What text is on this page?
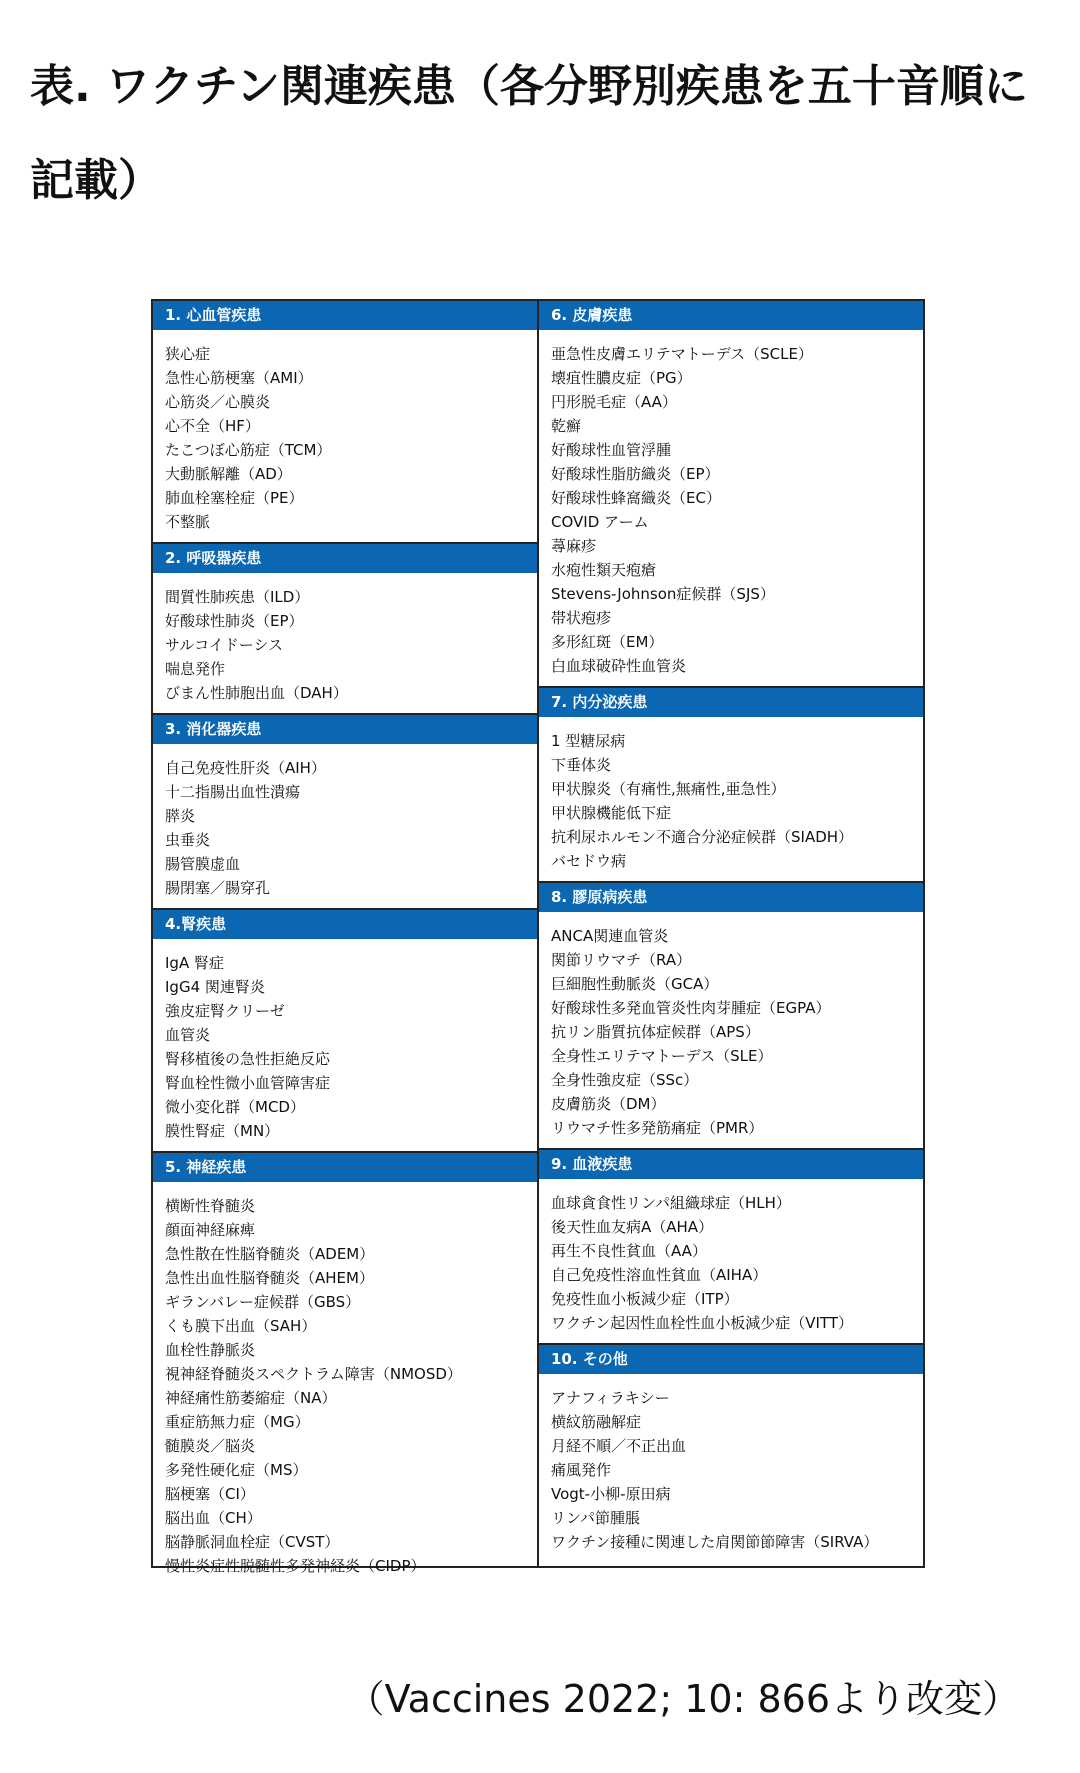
表. ワクチン関連疾患（各分野別疾患を五十音順に記載）
1. 心血管疾患
狭心症
急性心筋梗塞（AMI）
心筋炎／心膜炎
心不全（HF）
たこつぼ心筋症（TCM）
大動脈解離（AD）
肺血栓塞栓症（PE）
不整脈
2. 呼吸器疾患
間質性肺疾患（ILD）
好酸球性肺炎（EP）
サルコイドーシス
喘息発作
びまん性肺胞出血（DAH）
3. 消化器疾患
自己免疫性肝炎（AIH）
十二指腸出血性潰瘍
膵炎
虫垂炎
腸管膜虚血
腸閉塞／腸穿孔
4.腎疾患
IgA 腎症
IgG4 関連腎炎
強皮症腎クリーゼ
血管炎
腎移植後の急性拒絶反応
腎血栓性微小血管障害症
微小変化群（MCD）
膜性腎症（MN）
5. 神経疾患
横断性脊髄炎
顔面神経麻痺
急性散在性脳脊髄炎（ADEM）
急性出血性脳脊髄炎（AHEM）
ギランバレー症候群（GBS）
くも膜下出血（SAH）
血栓性静脈炎
視神経脊髄炎スペクトラム障害（NMOSD）
神経痛性筋萎縮症（NA）
重症筋無力症（MG）
髄膜炎／脳炎
多発性硬化症（MS）
脳梗塞（CI）
脳出血（CH）
脳静脈洞血栓症（CVST）
慢性炎症性脱髄性多発神経炎（CIDP）
6. 皮膚疾患
亜急性皮膚エリテマトーデス（SCLE）
壊疽性膿皮症（PG）
円形脱毛症（AA）
乾癬
好酸球性血管浮腫
好酸球性脂肪織炎（EP）
好酸球性蜂窩織炎（EC）
COVID アーム
蕁麻疹
水疱性類天疱瘡
Stevens-Johnson症候群（SJS）
帯状疱疹
多形紅斑（EM）
白血球破砕性血管炎
7. 内分泌疾患
1 型糖尿病
下垂体炎
甲状腺炎（有痛性,無痛性,亜急性）
甲状腺機能低下症
抗利尿ホルモン不適合分泌症候群（SIADH）
バセドウ病
8. 膠原病疾患
ANCA関連血管炎
関節リウマチ（RA）
巨細胞性動脈炎（GCA）
好酸球性多発血管炎性肉芽腫症（EGPA）
抗リン脂質抗体症候群（APS）
全身性エリテマトーデス（SLE）
全身性強皮症（SSc）
皮膚筋炎（DM）
リウマチ性多発筋痛症（PMR）
9. 血液疾患
血球貪食性リンパ組織球症（HLH）
後天性血友病A（AHA）
再生不良性貧血（AA）
自己免疫性溶血性貧血（AIHA）
免疫性血小板減少症（ITP）
ワクチン起因性血栓性血小板減少症（VITT）
10. その他
アナフィラキシー
横紋筋融解症
月経不順／不正出血
痛風発作
Vogt-小柳-原田病
リンパ節腫脹
ワクチン接種に関連した肩関節節障害（SIRVA）
（Vaccines 2022; 10: 866より改変）
